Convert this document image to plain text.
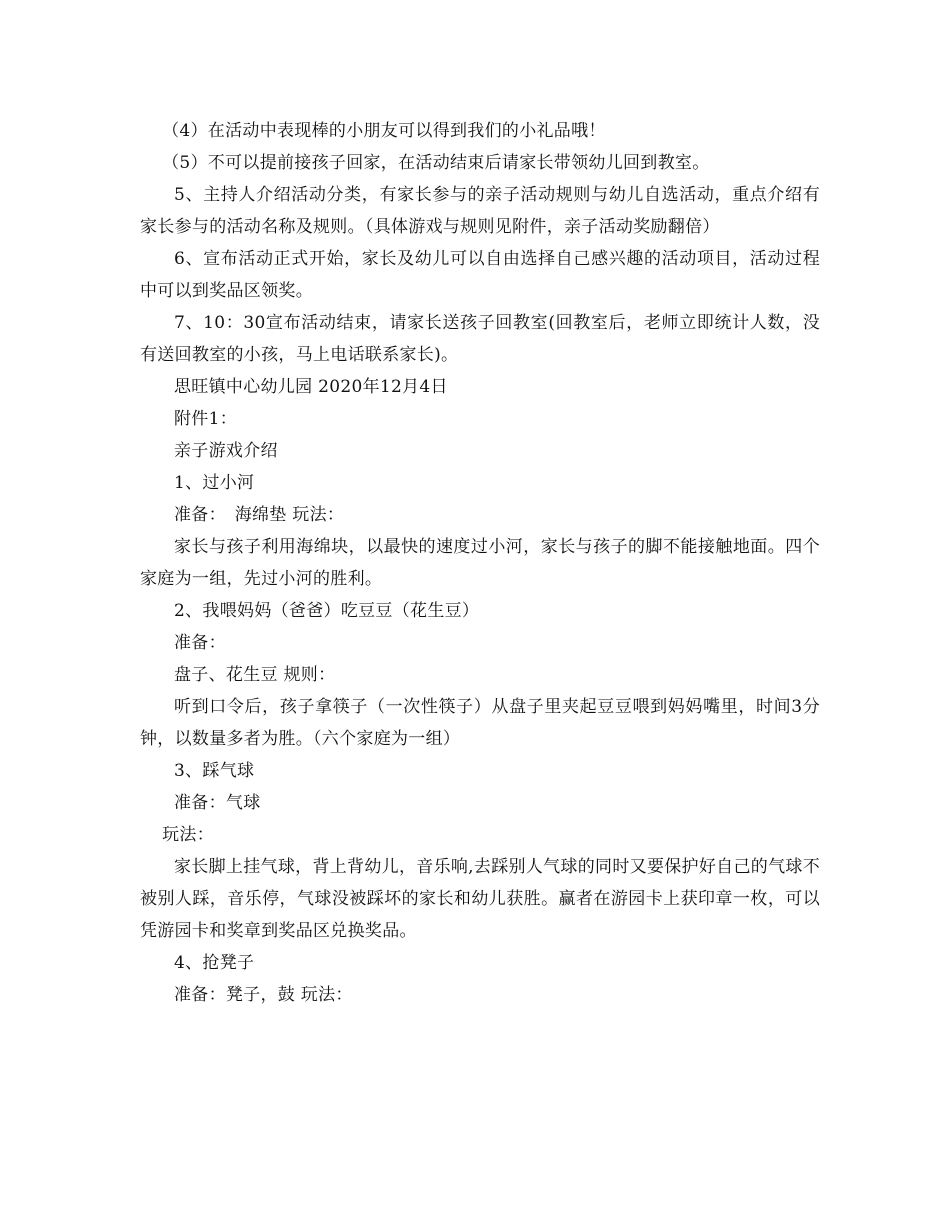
（4）在活动中表现棒的小朋友可以得到我们的小礼品哦！

（5）不可以提前接孩子回家，在活动结束后请家长带领幼儿回到教室。

5、主持人介绍活动分类，有家长参与的亲子活动规则与幼儿自选活动，重点介绍有家长参与的活动名称及规则。（具体游戏与规则见附件，亲子活动奖励翻倍）

6、宣布活动正式开始，家长及幼儿可以自由选择自己感兴趣的活动项目，活动过程中可以到奖品区领奖。

7、10：30宣布活动结束，请家长送孩子回教室(回教室后，老师立即统计人数，没有送回教室的小孩，马上电话联系家长)。

思旺镇中心幼儿园 2020年12月4日

附件1：

亲子游戏介绍

1、过小河

准备：　海绵垫 玩法：

家长与孩子利用海绵块，以最快的速度过小河，家长与孩子的脚不能接触地面。四个家庭为一组，先过小河的胜利。

2、我喂妈妈（爸爸）吃豆豆（花生豆）

准备：

盘子、花生豆 规则：

听到口令后，孩子拿筷子（一次性筷子）从盘子里夹起豆豆喂到妈妈嘴里，时间3分钟，以数量多者为胜。（六个家庭为一组）

3、踩气球

准备：气球

玩法：

家长脚上挂气球，背上背幼儿，音乐响,去踩别人气球的同时又要保护好自己的气球不被别人踩，音乐停，气球没被踩坏的家长和幼儿获胜。赢者在游园卡上获印章一枚，可以凭游园卡和奖章到奖品区兑换奖品。

4、抢凳子

准备：凳子，鼓 玩法：
